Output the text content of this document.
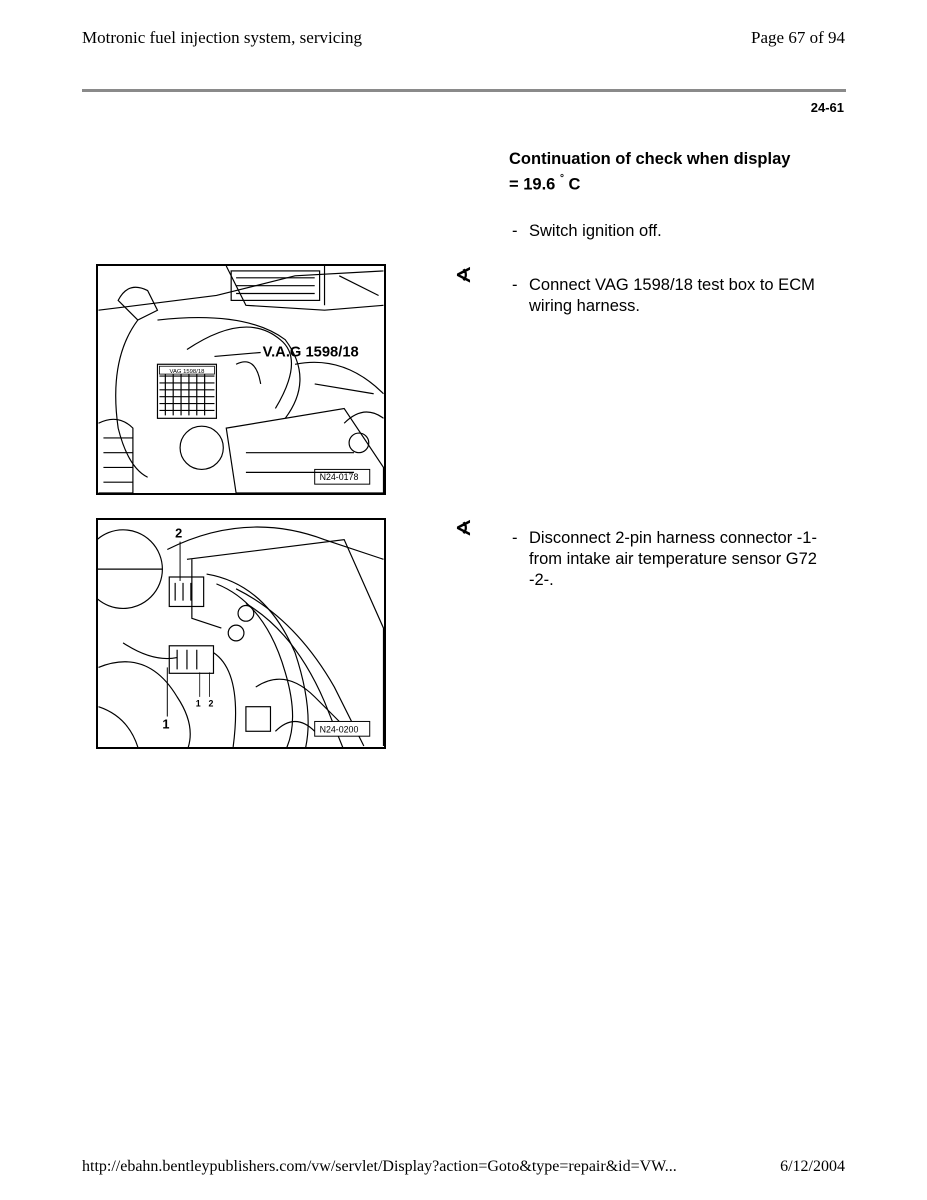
Motronic fuel injection system, servicing	Page 67 of 94
24-61
Continuation of check when display
= 19.6 ° C
- Switch ignition off.
V.A.G 1598/18
VAG 1598/18
N24-0178
∢ - Connect VAG 1598/18 test box to ECM wiring harness.
2
1
1 2
N24-0200
∢ - Disconnect 2-pin harness connector -1- from intake air temperature sensor G72 -2-.
http://ebahn.bentleypublishers.com/vw/servlet/Display?action=Goto&type=repair&id=VW...	6/12/2004
